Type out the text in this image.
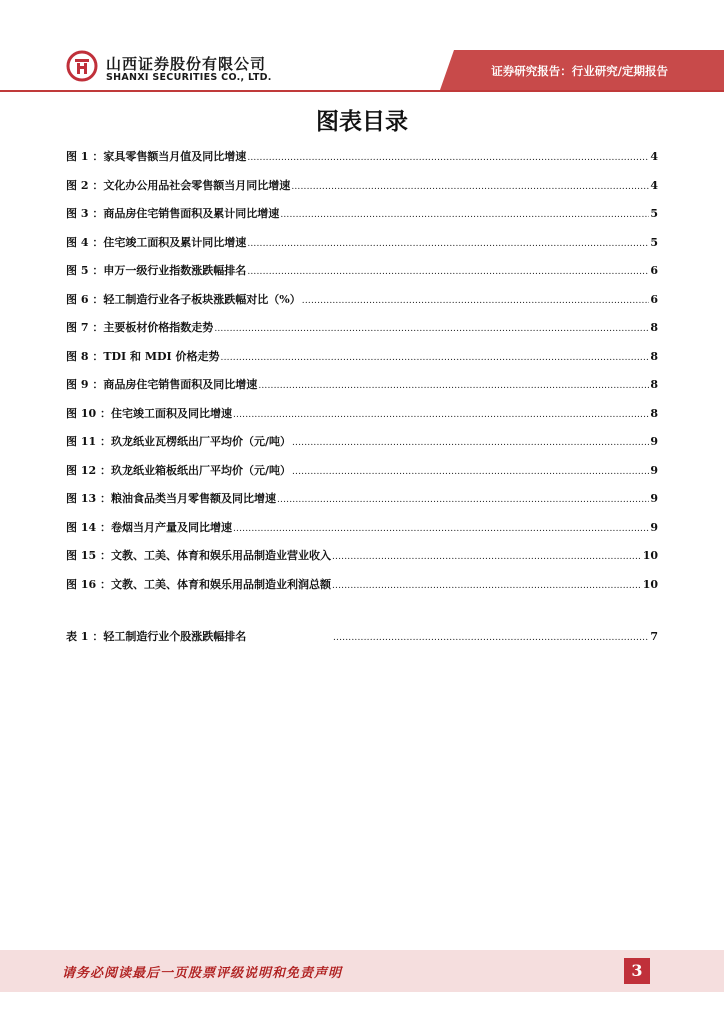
山西证券股份有限公司
SHANXI SECURITIES CO., LTD.	证券研究报告：行业研究/定期报告
图表目录
图 1 ：家具零售额当月值及同比增速 .....	4
图 2 ：文化办公用品社会零售额当月同比增速 .....	4
图 3 ：商品房住宅销售面积及累计同比增速 .....	5
图 4 ：住宅竣工面积及累计同比增速 .....	5
图 5 ：申万一级行业指数涨跌幅排名 .....	6
图 6 ：轻工制造行业各子板块涨跌幅对比（%） .....	6
图 7 ：主要板材价格指数走势 .....	8
图 8 ：TDI 和 MDI 价格走势 .....	8
图 9 ：商品房住宅销售面积及同比增速 .....	8
图 10 ：住宅竣工面积及同比增速 .....	8
图 11 ：玖龙纸业瓦楞纸出厂平均价（元/吨） .....	9
图 12 ：玖龙纸业箱板纸出厂平均价（元/吨） .....	9
图 13 ：粮油食品类当月零售额及同比增速 .....	9
图 14 ：卷烟当月产量及同比增速 .....	9
图 15 ：文教、工美、体育和娱乐用品制造业营业收入 .....	10
图 16 ：文教、工美、体育和娱乐用品制造业利润总额 .....	10
表 1 ：轻工制造行业个股涨跌幅排名 .....	7
请务必阅读最后一页股票评级说明和免责声明	3
